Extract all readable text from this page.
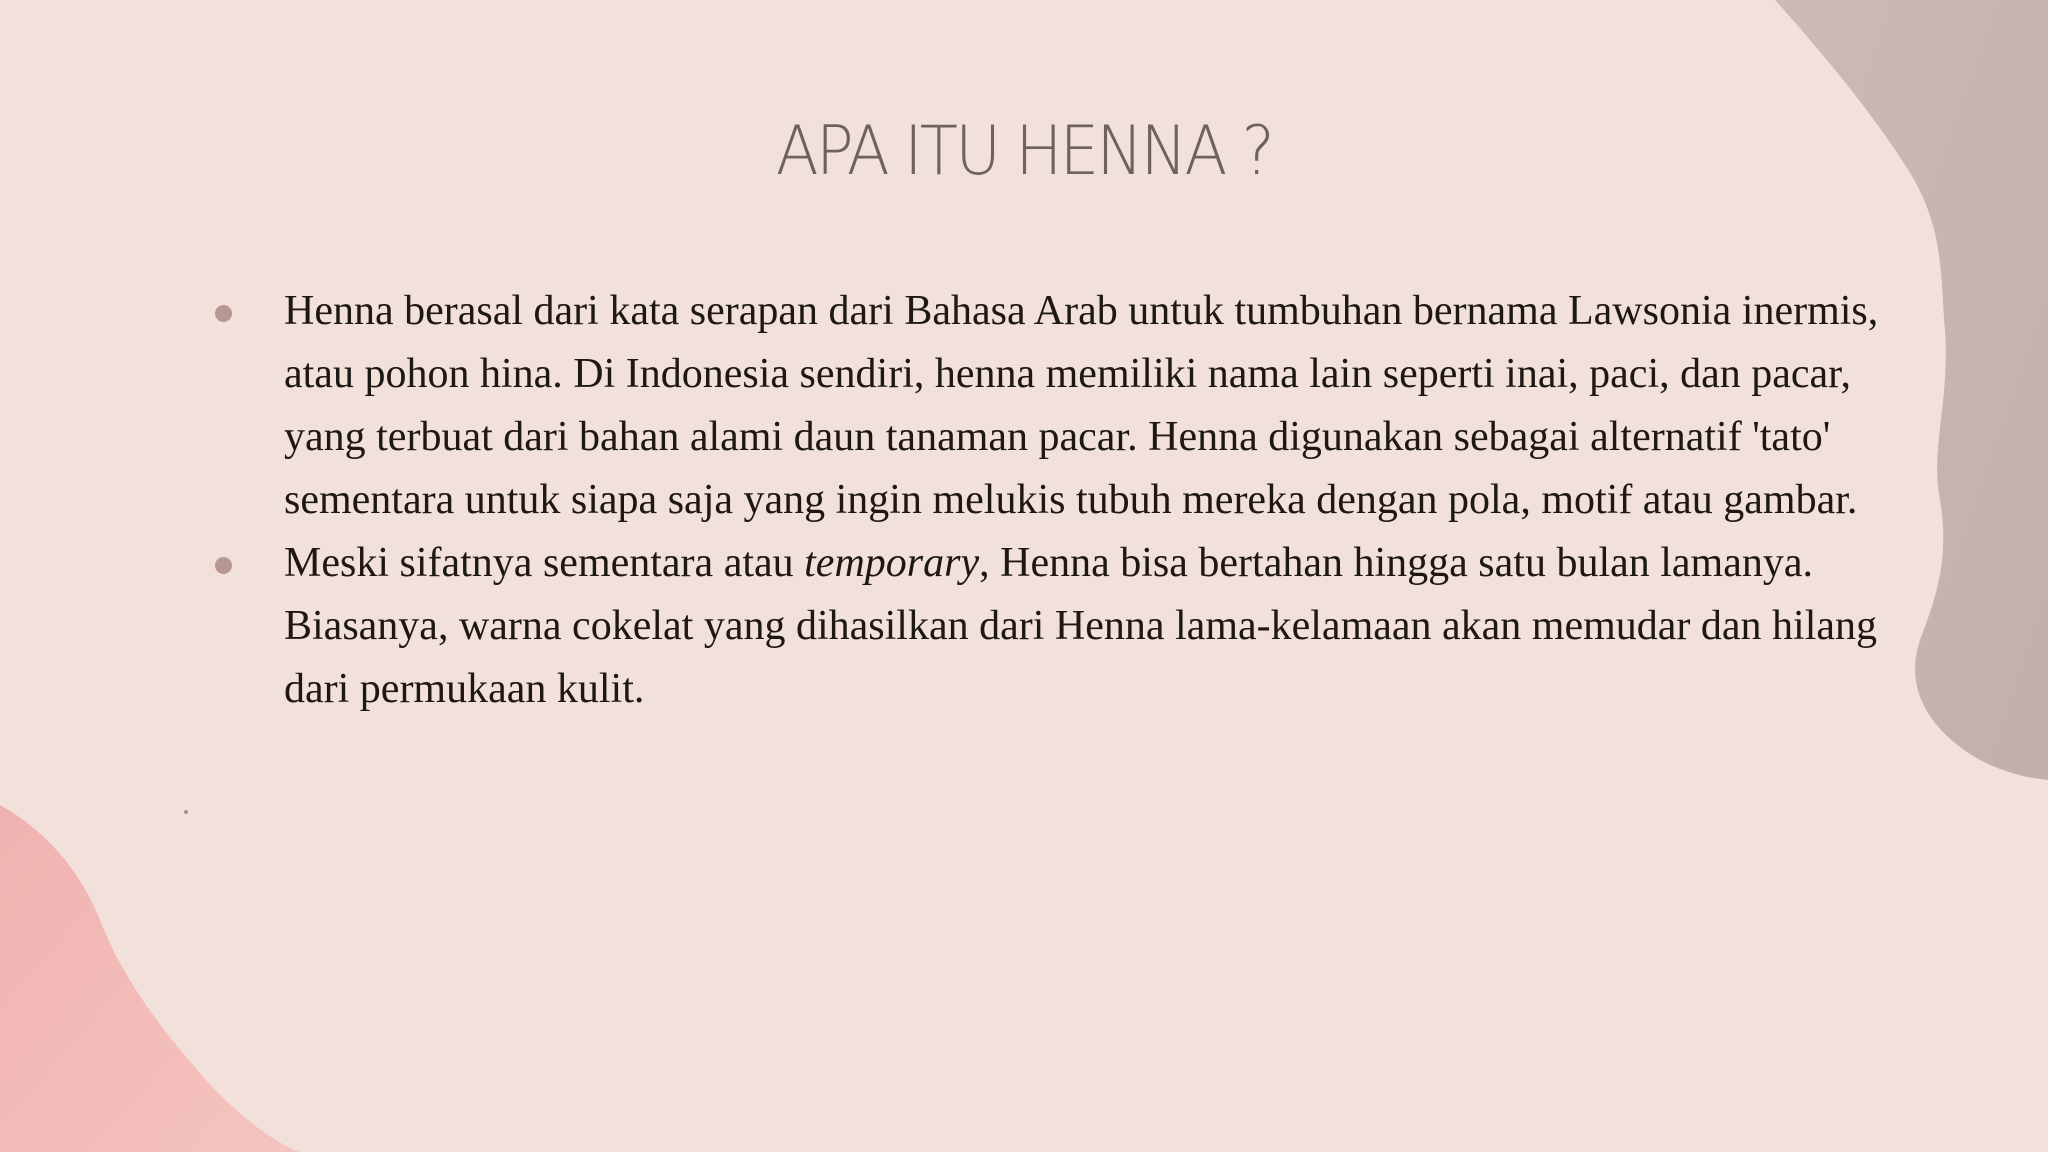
APA ITU HENNA ?
Henna berasal dari kata serapan dari Bahasa Arab untuk tumbuhan bernama Lawsonia inermis, atau pohon hina. Di Indonesia sendiri, henna memiliki nama lain seperti inai, paci, dan pacar, yang terbuat dari bahan alami daun tanaman pacar. Henna digunakan sebagai alternatif 'tato' sementara untuk siapa saja yang ingin melukis tubuh mereka dengan pola, motif atau gambar.
Meski sifatnya sementara atau temporary, Henna bisa bertahan hingga satu bulan lamanya. Biasanya, warna cokelat yang dihasilkan dari Henna lama-kelamaan akan memudar dan hilang dari permukaan kulit.
